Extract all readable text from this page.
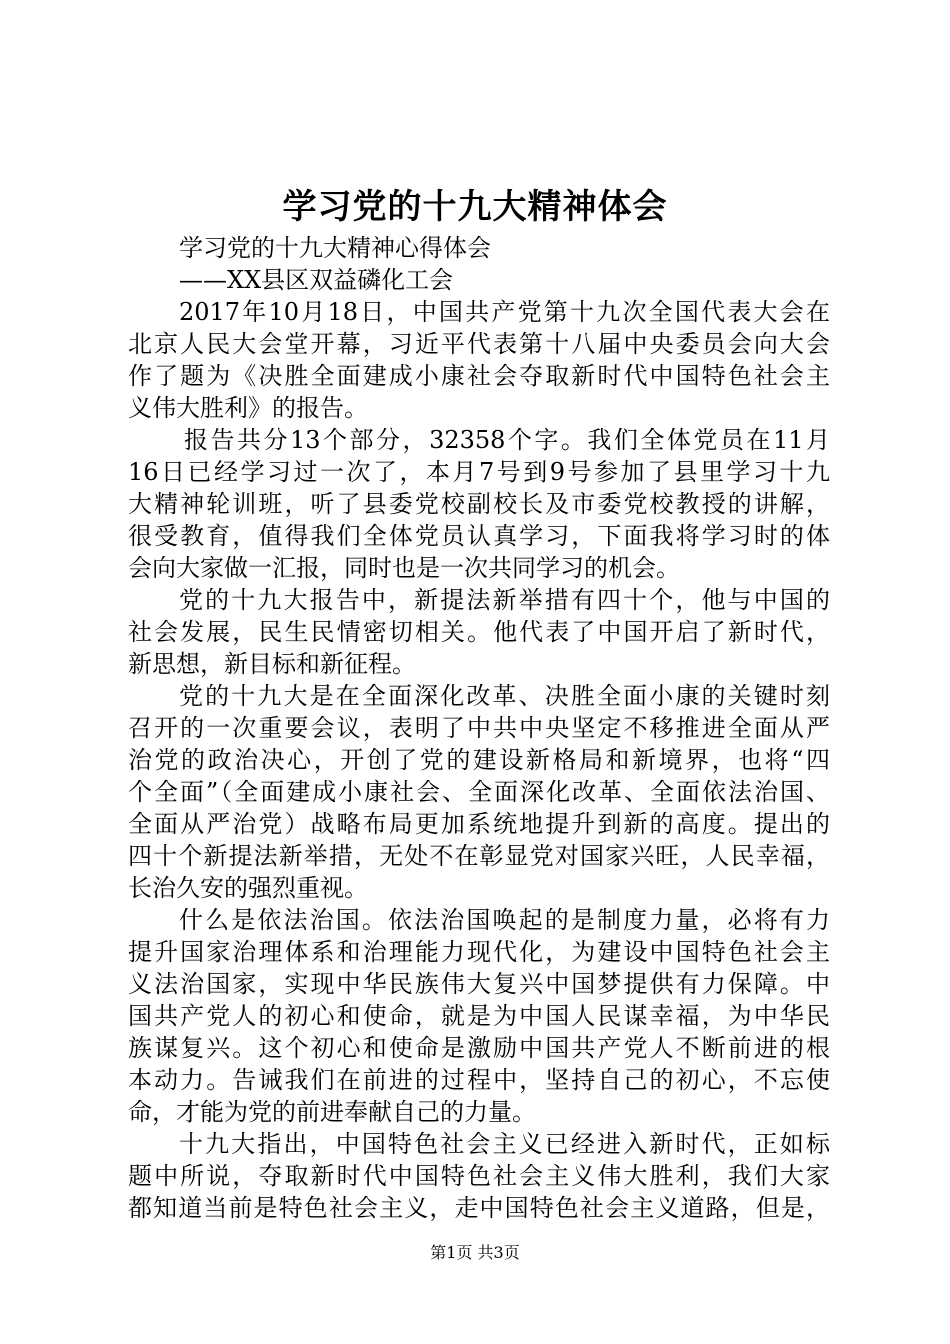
学习党的十九大精神体会
学习党的十九大精神心得体会
——XX县区双益磷化工会
2017年10月18日，中国共产党第十九次全国代表大会在
北京人民大会堂开幕，习近平代表第十八届中央委员会向大会
作了题为《决胜全面建成小康社会夺取新时代中国特色社会主
义伟大胜利》的报告。
报告共分13个部分，32358个字。我们全体党员在11月
16日已经学习过一次了，本月7号到9号参加了县里学习十九
大精神轮训班，听了县委党校副校长及市委党校教授的讲解，
很受教育，值得我们全体党员认真学习，下面我将学习时的体
会向大家做一汇报，同时也是一次共同学习的机会。
党的十九大报告中，新提法新举措有四十个，他与中国的
社会发展，民生民情密切相关。他代表了中国开启了新时代，
新思想，新目标和新征程。
党的十九大是在全面深化改革、决胜全面小康的关键时刻
召开的一次重要会议，表明了中共中央坚定不移推进全面从严
治党的政治决心，开创了党的建设新格局和新境界，也将“四
个全面”（全面建成小康社会、全面深化改革、全面依法治国、
全面从严治党）战略布局更加系统地提升到新的高度。提出的
四十个新提法新举措，无处不在彰显党对国家兴旺，人民幸福，
长治久安的强烈重视。
什么是依法治国。依法治国唤起的是制度力量，必将有力
提升国家治理体系和治理能力现代化，为建设中国特色社会主
义法治国家，实现中华民族伟大复兴中国梦提供有力保障。中
国共产党人的初心和使命，就是为中国人民谋幸福，为中华民
族谋复兴。这个初心和使命是激励中国共产党人不断前进的根
本动力。告诫我们在前进的过程中，坚持自己的初心，不忘使
命，才能为党的前进奉献自己的力量。
十九大指出，中国特色社会主义已经进入新时代，正如标
题中所说，夺取新时代中国特色社会主义伟大胜利，我们大家
都知道当前是特色社会主义，走中国特色社会主义道路，但是，
第1页 共3页
